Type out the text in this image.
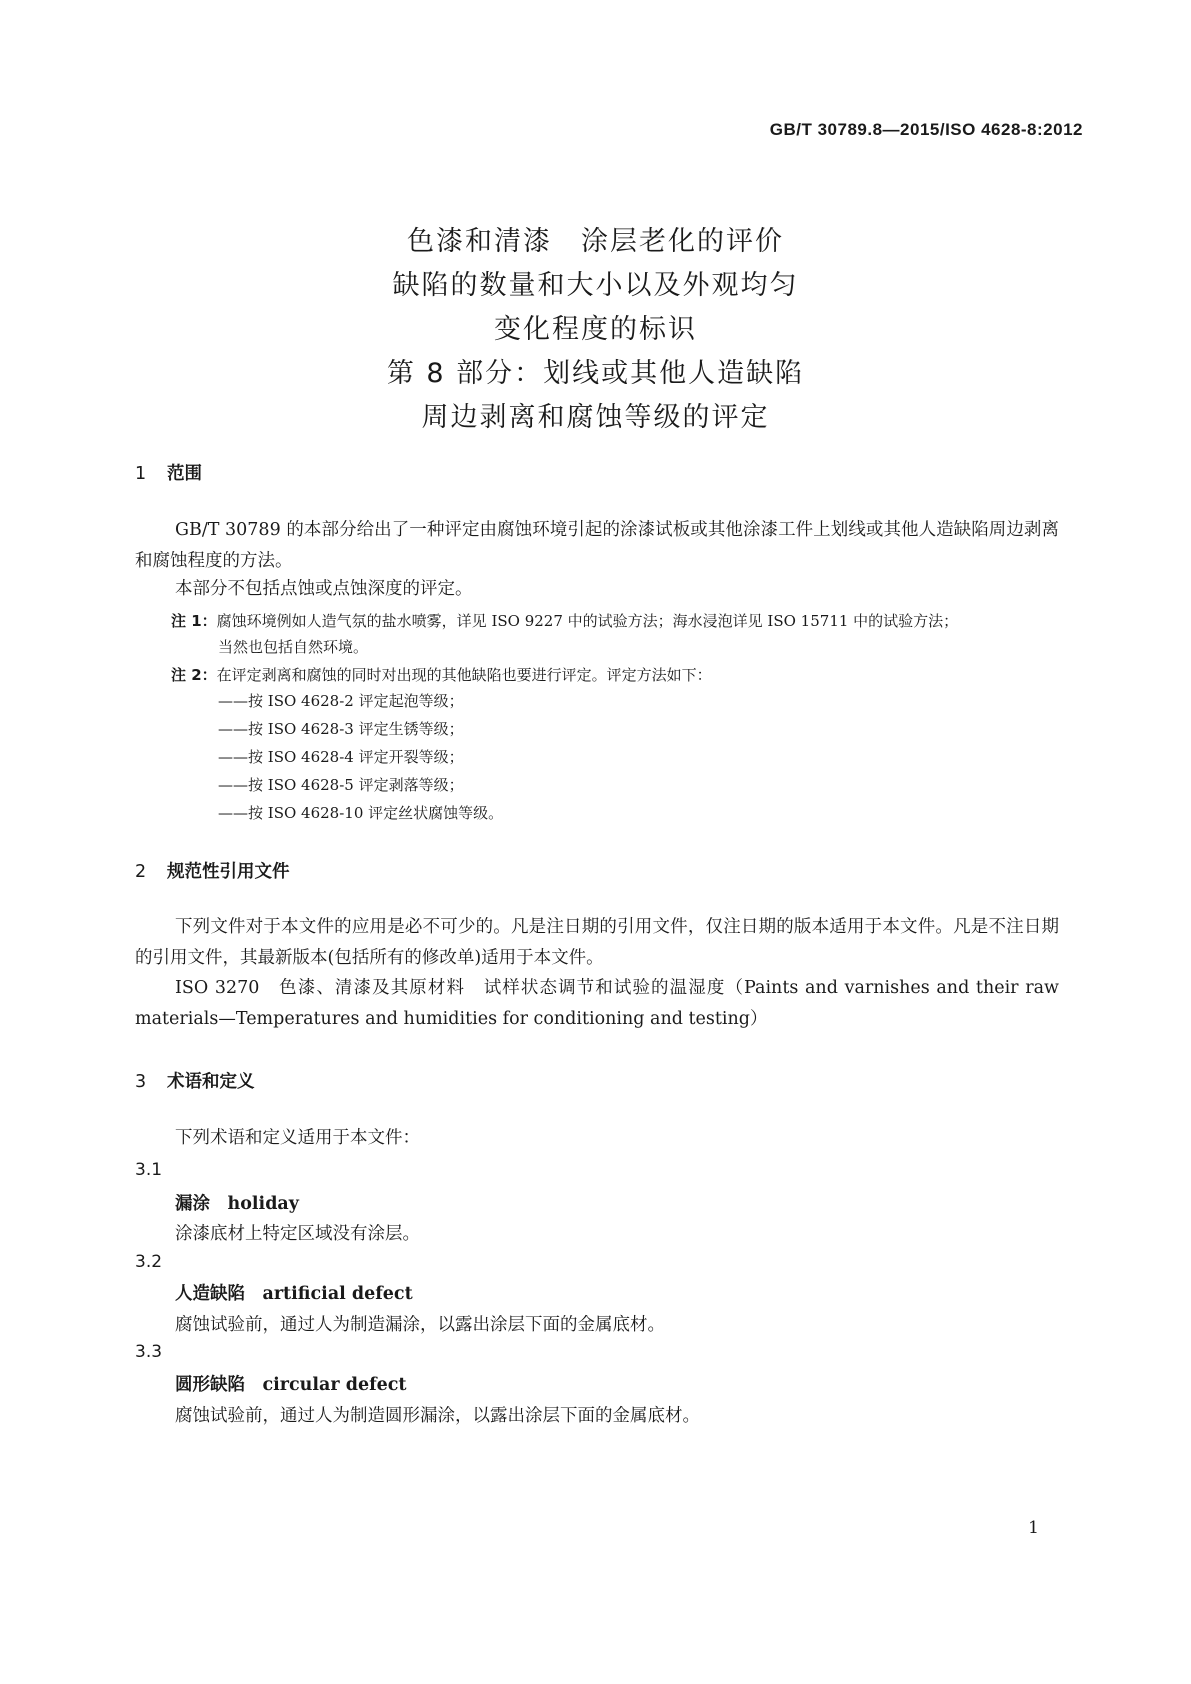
GB/T 30789.8—2015/ISO 4628-8:2012
色漆和清漆　涂层老化的评价
缺陷的数量和大小以及外观均匀
变化程度的标识
第 8 部分：划线或其他人造缺陷
周边剥离和腐蚀等级的评定
1 范围
GB/T 30789 的本部分给出了一种评定由腐蚀环境引起的涂漆试板或其他涂漆工件上划线或其他人造缺陷周边剥离和腐蚀程度的方法。
本部分不包括点蚀或点蚀深度的评定。
注 1：腐蚀环境例如人造气氛的盐水喷雾，详见 ISO 9227 中的试验方法；海水浸泡详见 ISO 15711 中的试验方法；
当然也包括自然环境。
注 2：在评定剥离和腐蚀的同时对出现的其他缺陷也要进行评定。评定方法如下：
——按 ISO 4628-2 评定起泡等级；
——按 ISO 4628-3 评定生锈等级；
——按 ISO 4628-4 评定开裂等级；
——按 ISO 4628-5 评定剥落等级；
——按 ISO 4628-10 评定丝状腐蚀等级。
2 规范性引用文件
下列文件对于本文件的应用是必不可少的。凡是注日期的引用文件，仅注日期的版本适用于本文件。凡是不注日期的引用文件，其最新版本(包括所有的修改单)适用于本文件。
ISO 3270　色漆、清漆及其原材料　试样状态调节和试验的温湿度（Paints and varnishes and their raw materials—Temperatures and humidities for conditioning and testing）
3 术语和定义
下列术语和定义适用于本文件：
3.1
漏涂　 holiday
涂漆底材上特定区域没有涂层。
3.2
人造缺陷　 artificial defect
腐蚀试验前，通过人为制造漏涂，以露出涂层下面的金属底材。
3.3
圆形缺陷　 circular defect
腐蚀试验前，通过人为制造圆形漏涂，以露出涂层下面的金属底材。
1
